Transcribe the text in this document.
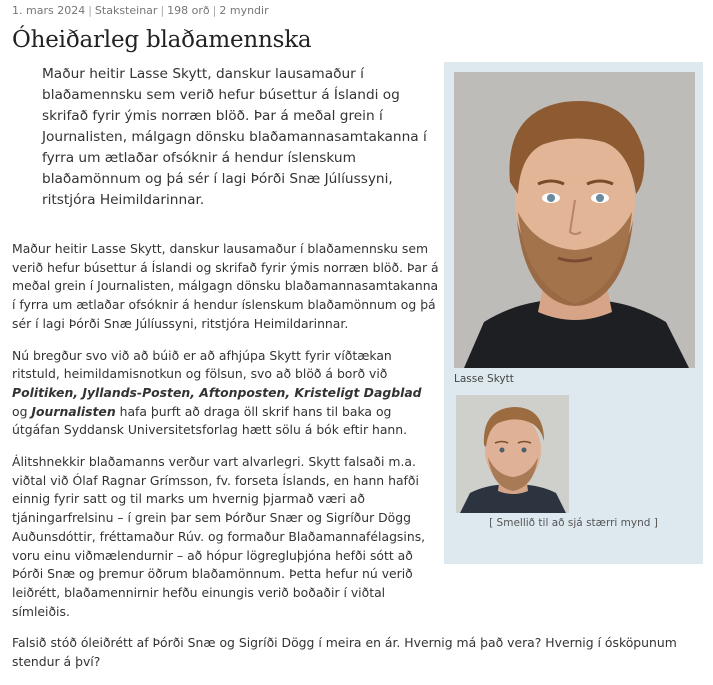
1. mars 2024 | Staksteinar | 198 orð | 2 myndir
Óheiðarleg blaðamennska
Maður heitir Lasse Skytt, danskur lausamaður í blaðamennsku sem verið hefur búsettur á Íslandi og skrifað fyrir ýmis norræn blöð. Þar á meðal grein í Journalisten, málgagn dönsku blaðamannasamtakanna í fyrra um ætlaðar ofsóknir á hendur íslenskum blaðamönnum og þá sér í lagi Þórði Snæ Júlíussyni, ritstjóra Heimildarinnar.

Maður heitir Lasse Skytt, danskur lausamaður í blaðamennsku sem verið hefur búsettur á Íslandi og skrifað fyrir ýmis norræn blöð. Þar á meðal grein í Journalisten, málgagn dönsku blaðamannasamtakanna í fyrra um ætlaðar ofsóknir á hendur íslenskum blaðamönnum og þá sér í lagi Þórði Snæ Júlíussyni, ritstjóra Heimildarinnar.

Nú bregður svo við að búið er að afhjúpa Skytt fyrir víðtækan ritstuld, heimildamisnotkun og fölsun, svo að blöð á borð við Politiken, Jyllands-Posten, Aftonposten, Kristeligt Dagblad og Journalisten hafa þurft að draga öll skrif hans til baka og útgáfan Syddansk Universitetsforlag hætt sölu á bók eftir hann.

Álitshnekkir blaðamanns verður vart alvarlegri. Skytt falsaði m.a. viðtal við Ólaf Ragnar Grímsson, fv. forseta Íslands, en hann hafði einnig fyrir satt og til marks um hvernig þjarmað væri að tjáningarfrelsinu – í grein þar sem Þórður Snær og Sigríður Dögg Auðunsdóttir, fréttamaður Rúv. og formaður Blaðamannafélagsins, voru einu viðmælendurnir – að hópur lögregluþjóna hefði sótt að Þórði Snæ og þremur öðrum blaðamönnum. Þetta hefur nú verið leiðrétt, blaðamennirnir hefðu einungis verið boðaðir í viðtal símleiðis.

Falsið stóð óleiðrétt af Þórði Snæ og Sigríði Dögg í meira en ár. Hvernig má það vera? Hvernig í ósköpunum stendur á því?

Lasse Skytt
[ Smellið til að sjá stærri mynd ]
